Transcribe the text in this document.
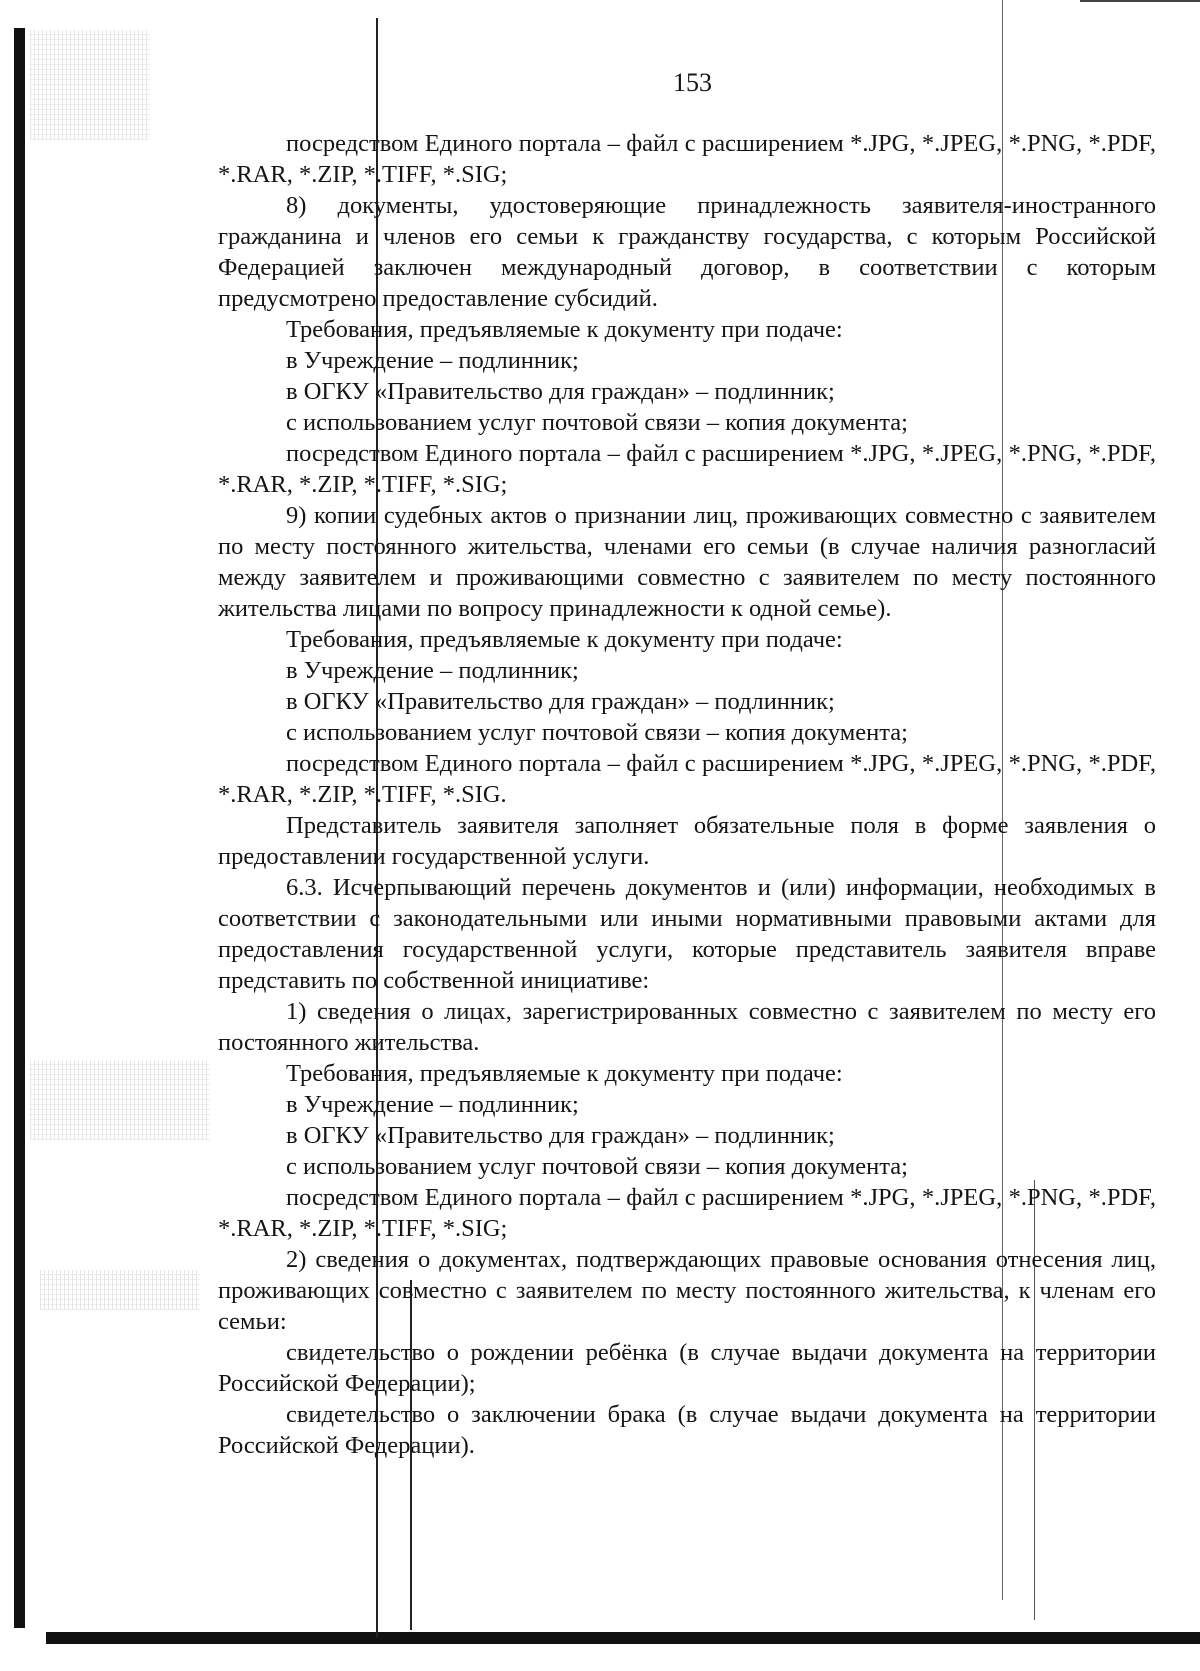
153

посредством Единого портала – файл с расширением *.JPG, *.JPEG, *.PNG, *.PDF, *.RAR, *.ZIP, *.TIFF, *.SIG;

8) документы, удостоверяющие принадлежность заявителя-иностранного гражданина и членов его семьи к гражданству государства, с которым Российской Федерацией заключен международный договор, в соответствии с которым предусмотрено предоставление субсидий.

Требования, предъявляемые к документу при подаче:

в Учреждение – подлинник;

в ОГКУ «Правительство для граждан» – подлинник;

с использованием услуг почтовой связи – копия документа;

посредством Единого портала – файл с расширением *.JPG, *.JPEG, *.PNG, *.PDF, *.RAR, *.ZIP, *.TIFF, *.SIG;

9) копии судебных актов о признании лиц, проживающих совместно с заявителем по месту постоянного жительства, членами его семьи (в случае наличия разногласий между заявителем и проживающими совместно с заявителем по месту постоянного жительства лицами по вопросу принадлежности к одной семье).

Требования, предъявляемые к документу при подаче:

в Учреждение – подлинник;

в ОГКУ «Правительство для граждан» – подлинник;

с использованием услуг почтовой связи – копия документа;

посредством Единого портала – файл с расширением *.JPG, *.JPEG, *.PNG, *.PDF, *.RAR, *.ZIP, *.TIFF, *.SIG.

Представитель заявителя заполняет обязательные поля в форме заявления о предоставлении государственной услуги.

6.3. Исчерпывающий перечень документов и (или) информации, необходимых в соответствии с законодательными или иными нормативными правовыми актами для предоставления государственной услуги, которые представитель заявителя вправе представить по собственной инициативе:

1) сведения о лицах, зарегистрированных совместно с заявителем по месту его постоянного жительства.

Требования, предъявляемые к документу при подаче:

в Учреждение – подлинник;

в ОГКУ «Правительство для граждан» – подлинник;

с использованием услуг почтовой связи – копия документа;

посредством Единого портала – файл с расширением *.JPG, *.JPEG, *.PNG, *.PDF, *.RAR, *.ZIP, *.TIFF, *.SIG;

2) сведения о документах, подтверждающих правовые основания отнесения лиц, проживающих совместно с заявителем по месту постоянного жительства, к членам его семьи:

свидетельство о рождении ребёнка (в случае выдачи документа на территории Российской Федерации);

свидетельство о заключении брака (в случае выдачи документа на территории Российской Федерации).
